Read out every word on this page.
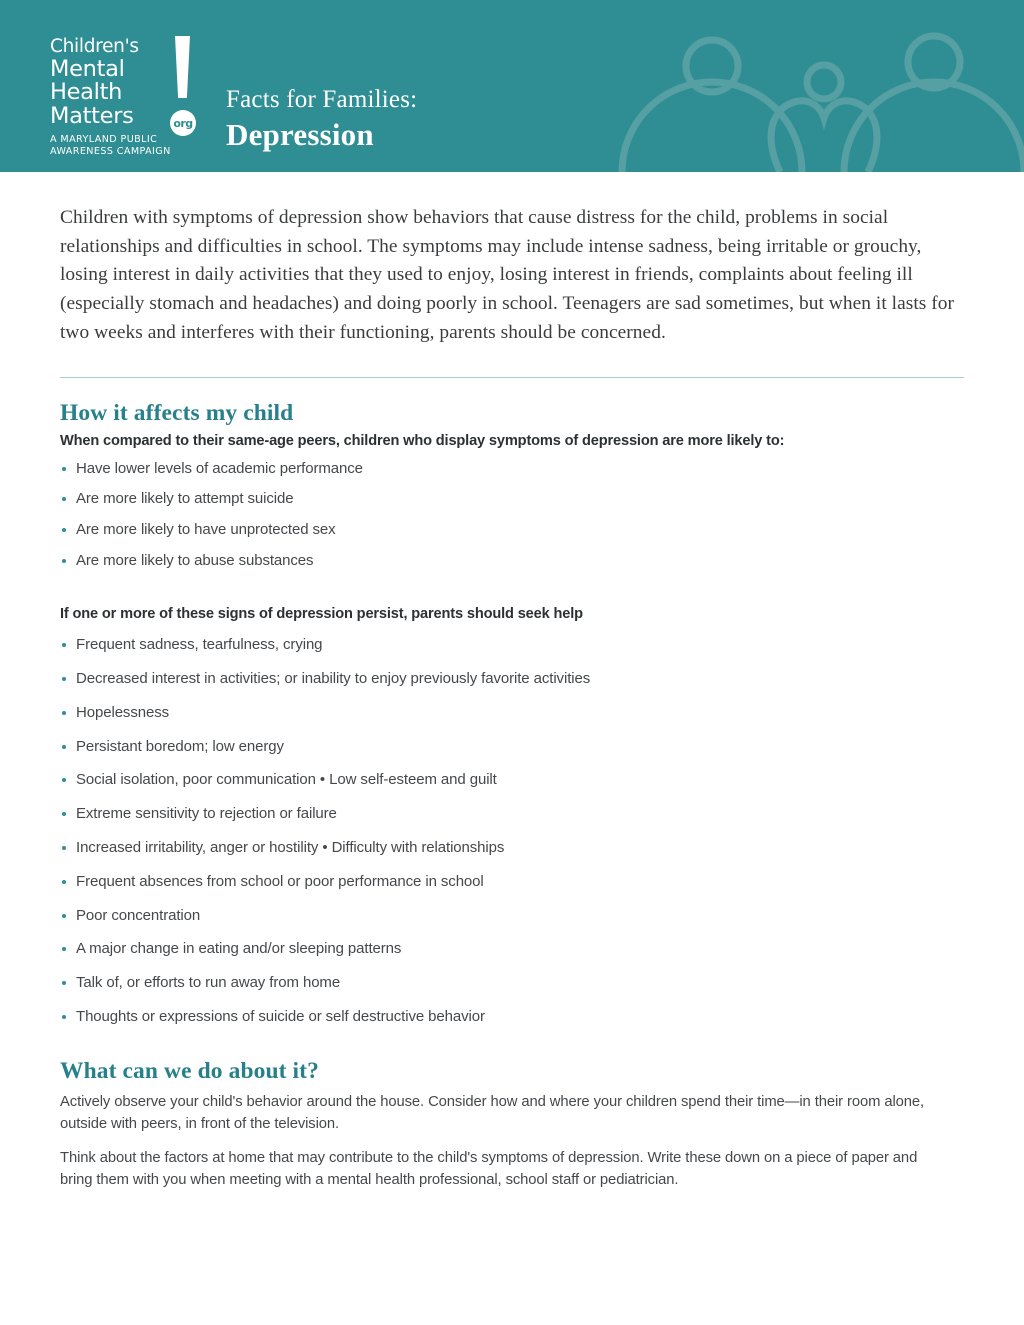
Children's
Mental
Health
Matters	org
A MARYLAND PUBLIC
AWARENESS CAMPAIGN
Facts for Families:
Depression

Children with symptoms of depression show behaviors that cause distress for the child, problems in social relationships and difficulties in school. The symptoms may include intense sadness, being irritable or grouchy, losing interest in daily activities that they used to enjoy, losing interest in friends, complaints about feeling ill (especially stomach and headaches) and doing poorly in school. Teenagers are sad sometimes, but when it lasts for two weeks and interferes with their functioning, parents should be concerned.

How it affects my child

When compared to their same-age peers, children who display symptoms of depression are more likely to:

Have lower levels of academic performance
Are more likely to attempt suicide
Are more likely to have unprotected sex
Are more likely to abuse substances

If one or more of these signs of depression persist, parents should seek help

Frequent sadness, tearfulness, crying
Decreased interest in activities; or inability to enjoy previously favorite activities
Hopelessness
Persistant boredom; low energy
Social isolation, poor communication • Low self-esteem and guilt
Extreme sensitivity to rejection or failure
Increased irritability, anger or hostility • Difficulty with relationships
Frequent absences from school or poor performance in school
Poor concentration
A major change in eating and/or sleeping patterns
Talk of, or efforts to run away from home
Thoughts or expressions of suicide or self destructive behavior
What can we do about it?

Actively observe your child's behavior around the house. Consider how and where your children spend their time—in their room alone, outside with peers, in front of the television.

Think about the factors at home that may contribute to the child's symptoms of depression. Write these down on a piece of paper and bring them with you when meeting with a mental health professional, school staff or pediatrician.
